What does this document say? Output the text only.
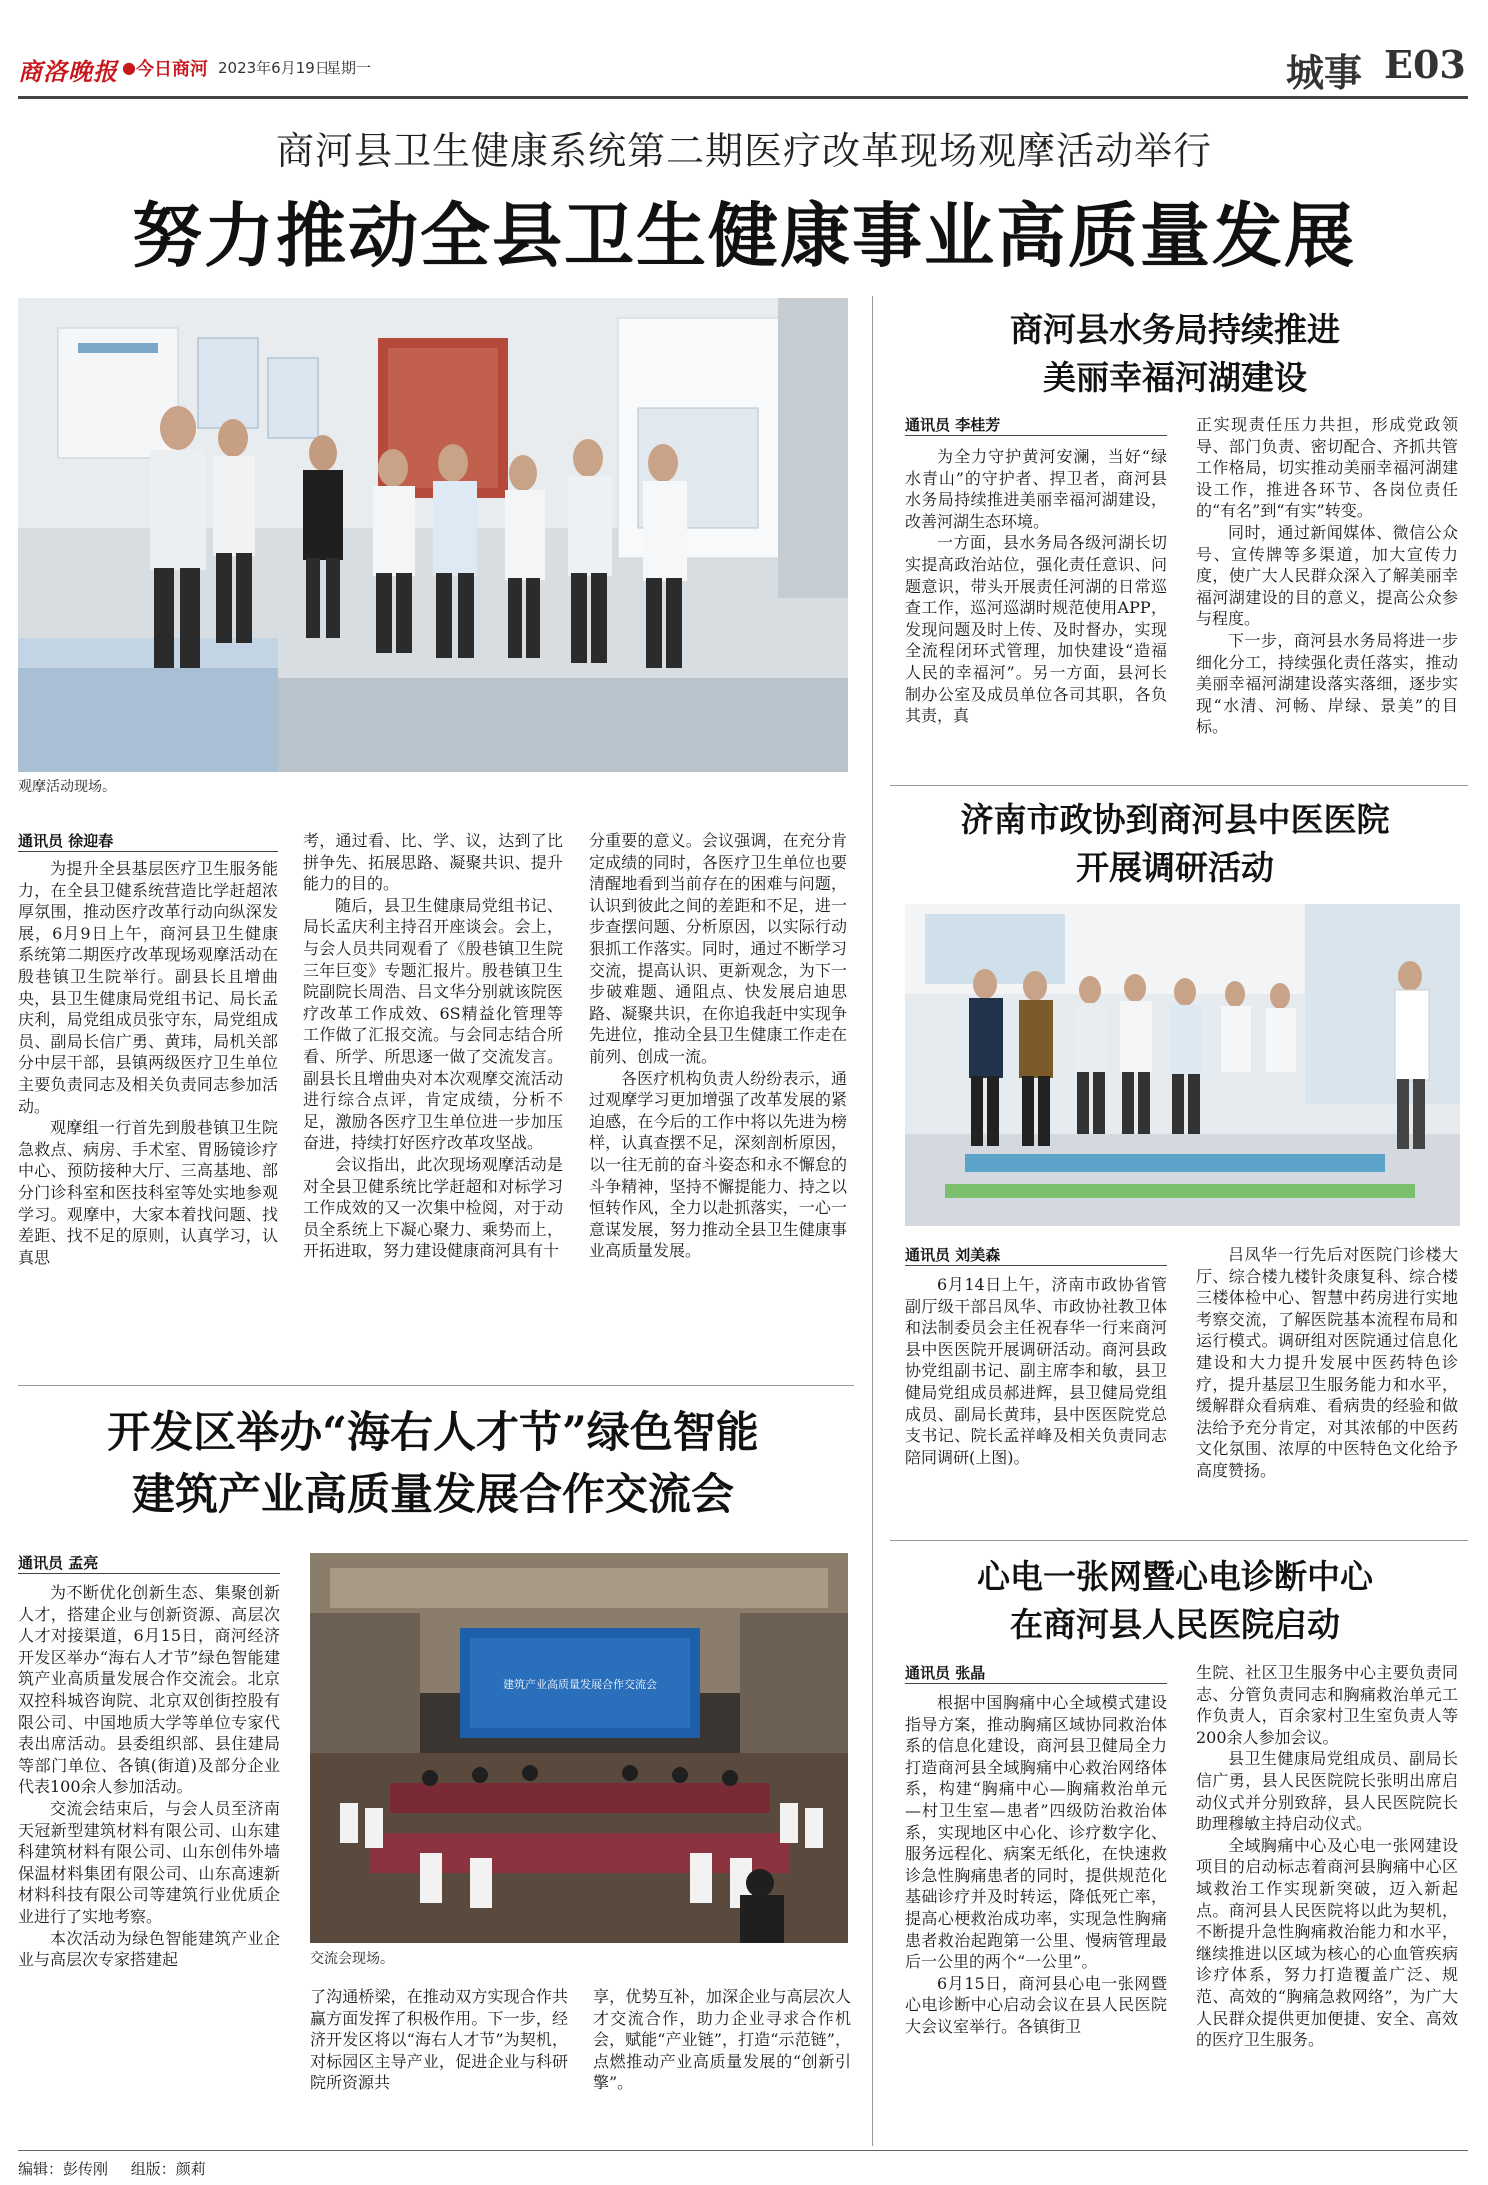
商洛晚报 ● 今日商河 2023年6月19日
星期一	城事 E03
商河县卫生健康系统第二期医疗改革现场观摩活动举行
努力推动全县卫生健康事业高质量发展
观摩活动现场。
通讯员 徐迎春

为提升全县基层医疗卫生服务能力，在全县卫健系统营造比学赶超浓厚氛围，推动医疗改革行动向纵深发展，6月9日上午，商河县卫生健康系统第二期医疗改革现场观摩活动在殷巷镇卫生院举行。副县长且增曲央，县卫生健康局党组书记、局长孟庆利，局党组成员张守东，局党组成员、副局长信广勇、黄玮，局机关部分中层干部，县镇两级医疗卫生单位主要负责同志及相关负责同志参加活动。

观摩组一行首先到殷巷镇卫生院急救点、病房、手术室、胃肠镜诊疗中心、预防接种大厅、三高基地、部分门诊科室和医技科室等处实地参观学习。观摩中，大家本着找问题、找差距、找不足的原则，认真学习，认真思

考，通过看、比、学、议，达到了比拼争先、拓展思路、凝聚共识、提升能力的目的。

随后，县卫生健康局党组书记、局长孟庆利主持召开座谈会。会上，与会人员共同观看了《殷巷镇卫生院三年巨变》专题汇报片。殷巷镇卫生院副院长周浩、吕文华分别就该院医疗改革工作成效、6S精益化管理等工作做了汇报交流。与会同志结合所看、所学、所思逐一做了交流发言。副县长且增曲央对本次观摩交流活动进行综合点评，肯定成绩，分析不足，激励各医疗卫生单位进一步加压奋进，持续打好医疗改革攻坚战。

会议指出，此次现场观摩活动是对全县卫健系统比学赶超和对标学习工作成效的又一次集中检阅，对于动员全系统上下凝心聚力、乘势而上，开拓进取，努力建设健康商河具有十

分重要的意义。会议强调，在充分肯定成绩的同时，各医疗卫生单位也要清醒地看到当前存在的困难与问题，认识到彼此之间的差距和不足，进一步查摆问题、分析原因，以实际行动狠抓工作落实。同时，通过不断学习交流，提高认识、更新观念，为下一步破难题、通阻点、快发展启迪思路、凝聚共识，在你追我赶中实现争先进位，推动全县卫生健康工作走在前列、创成一流。

各医疗机构负责人纷纷表示，通过观摩学习更加增强了改革发展的紧迫感，在今后的工作中将以先进为榜样，认真查摆不足，深刻剖析原因，以一往无前的奋斗姿态和永不懈怠的斗争精神，坚持不懈提能力、持之以恒转作风，全力以赴抓落实，一心一意谋发展，努力推动全县卫生健康事业高质量发展。

商河县水务局持续推进
美丽幸福河湖建设
通讯员 李桂芳

为全力守护黄河安澜，当好“绿水青山”的守护者、捍卫者，商河县水务局持续推进美丽幸福河湖建设，改善河湖生态环境。

一方面，县水务局各级河湖长切实提高政治站位，强化责任意识、问题意识，带头开展责任河湖的日常巡查工作，巡河巡湖时规范使用APP，发现问题及时上传、及时督办，实现全流程闭环式管理，加快建设“造福人民的幸福河”。另一方面，县河长制办公室及成员单位各司其职，各负其责，真

正实现责任压力共担，形成党政领导、部门负责、密切配合、齐抓共管工作格局，切实推动美丽幸福河湖建设工作，推进各环节、各岗位责任的“有名”到“有实”转变。

同时，通过新闻媒体、微信公众号、宣传牌等多渠道，加大宣传力度，使广大人民群众深入了解美丽幸福河湖建设的目的意义，提高公众参与程度。

下一步，商河县水务局将进一步细化分工，持续强化责任落实，推动美丽幸福河湖建设落实落细，逐步实现“水清、河畅、岸绿、景美”的目标。

济南市政协到商河县中医医院
开展调研活动
通讯员 刘美森

6月14日上午，济南市政协省管副厅级干部吕凤华、市政协社教卫体和法制委员会主任祝春华一行来商河县中医医院开展调研活动。商河县政协党组副书记、副主席李和敏，县卫健局党组成员郝进辉，县卫健局党组成员、副局长黄玮，县中医医院党总支书记、院长孟祥峰及相关负责同志陪同调研(上图)。

吕凤华一行先后对医院门诊楼大厅、综合楼九楼针灸康复科、综合楼三楼体检中心、智慧中药房进行实地考察交流，了解医院基本流程布局和运行模式。调研组对医院通过信息化建设和大力提升发展中医药特色诊疗，提升基层卫生服务能力和水平，缓解群众看病难、看病贵的经验和做法给予充分肯定，对其浓郁的中医药文化氛围、浓厚的中医特色文化给予高度赞扬。

开发区举办“海右人才节”绿色智能
建筑产业高质量发展合作交流会
通讯员 孟亮

为不断优化创新生态、集聚创新人才，搭建企业与创新资源、高层次人才对接渠道，6月15日，商河经济开发区举办“海右人才节”绿色智能建筑产业高质量发展合作交流会。北京双控科城咨询院、北京双创街控股有限公司、中国地质大学等单位专家代表出席活动。县委组织部、县住建局等部门单位、各镇(街道)及部分企业代表100余人参加活动。

交流会结束后，与会人员至济南天冠新型建筑材料有限公司、山东建科建筑材料有限公司、山东创伟外墙保温材料集团有限公司、山东高速新材料科技有限公司等建筑行业优质企业进行了实地考察。

本次活动为绿色智能建筑产业企业与高层次专家搭建起

建筑产业高质量发展合作交流会
交流会现场。

了沟通桥梁，在推动双方实现合作共赢方面发挥了积极作用。下一步，经济开发区将以“海右人才节”为契机，对标园区主导产业，促进企业与科研院所资源共

享，优势互补，加深企业与高层次人才交流合作，助力企业寻求合作机会，赋能“产业链”，打造“示范链”，点燃推动产业高质量发展的“创新引擎”。

心电一张网暨心电诊断中心
在商河县人民医院启动
通讯员 张晶

根据中国胸痛中心全域模式建设指导方案，推动胸痛区域协同救治体系的信息化建设，商河县卫健局全力打造商河县全域胸痛中心救治网络体系，构建“胸痛中心—胸痛救治单元—村卫生室—患者”四级防治救治体系，实现地区中心化、诊疗数字化、服务远程化、病案无纸化，在快速救诊急性胸痛患者的同时，提供规范化基础诊疗并及时转运，降低死亡率，提高心梗救治成功率，实现急性胸痛患者救治起跑第一公里、慢病管理最后一公里的两个“一公里”。

6月15日，商河县心电一张网暨心电诊断中心启动会议在县人民医院大会议室举行。各镇街卫

生院、社区卫生服务中心主要负责同志、分管负责同志和胸痛救治单元工作负责人，百余家村卫生室负责人等200余人参加会议。

县卫生健康局党组成员、副局长信广勇，县人民医院院长张明出席启动仪式并分别致辞，县人民医院院长助理穆敏主持启动仪式。

全域胸痛中心及心电一张网建设项目的启动标志着商河县胸痛中心区域救治工作实现新突破，迈入新起点。商河县人民医院将以此为契机，不断提升急性胸痛救治能力和水平，继续推进以区域为核心的心血管疾病诊疗体系，努力打造覆盖广泛、规范、高效的“胸痛急救网络”，为广大人民群众提供更加便捷、安全、高效的医疗卫生服务。

编辑：彭传刚 组版：颜莉
